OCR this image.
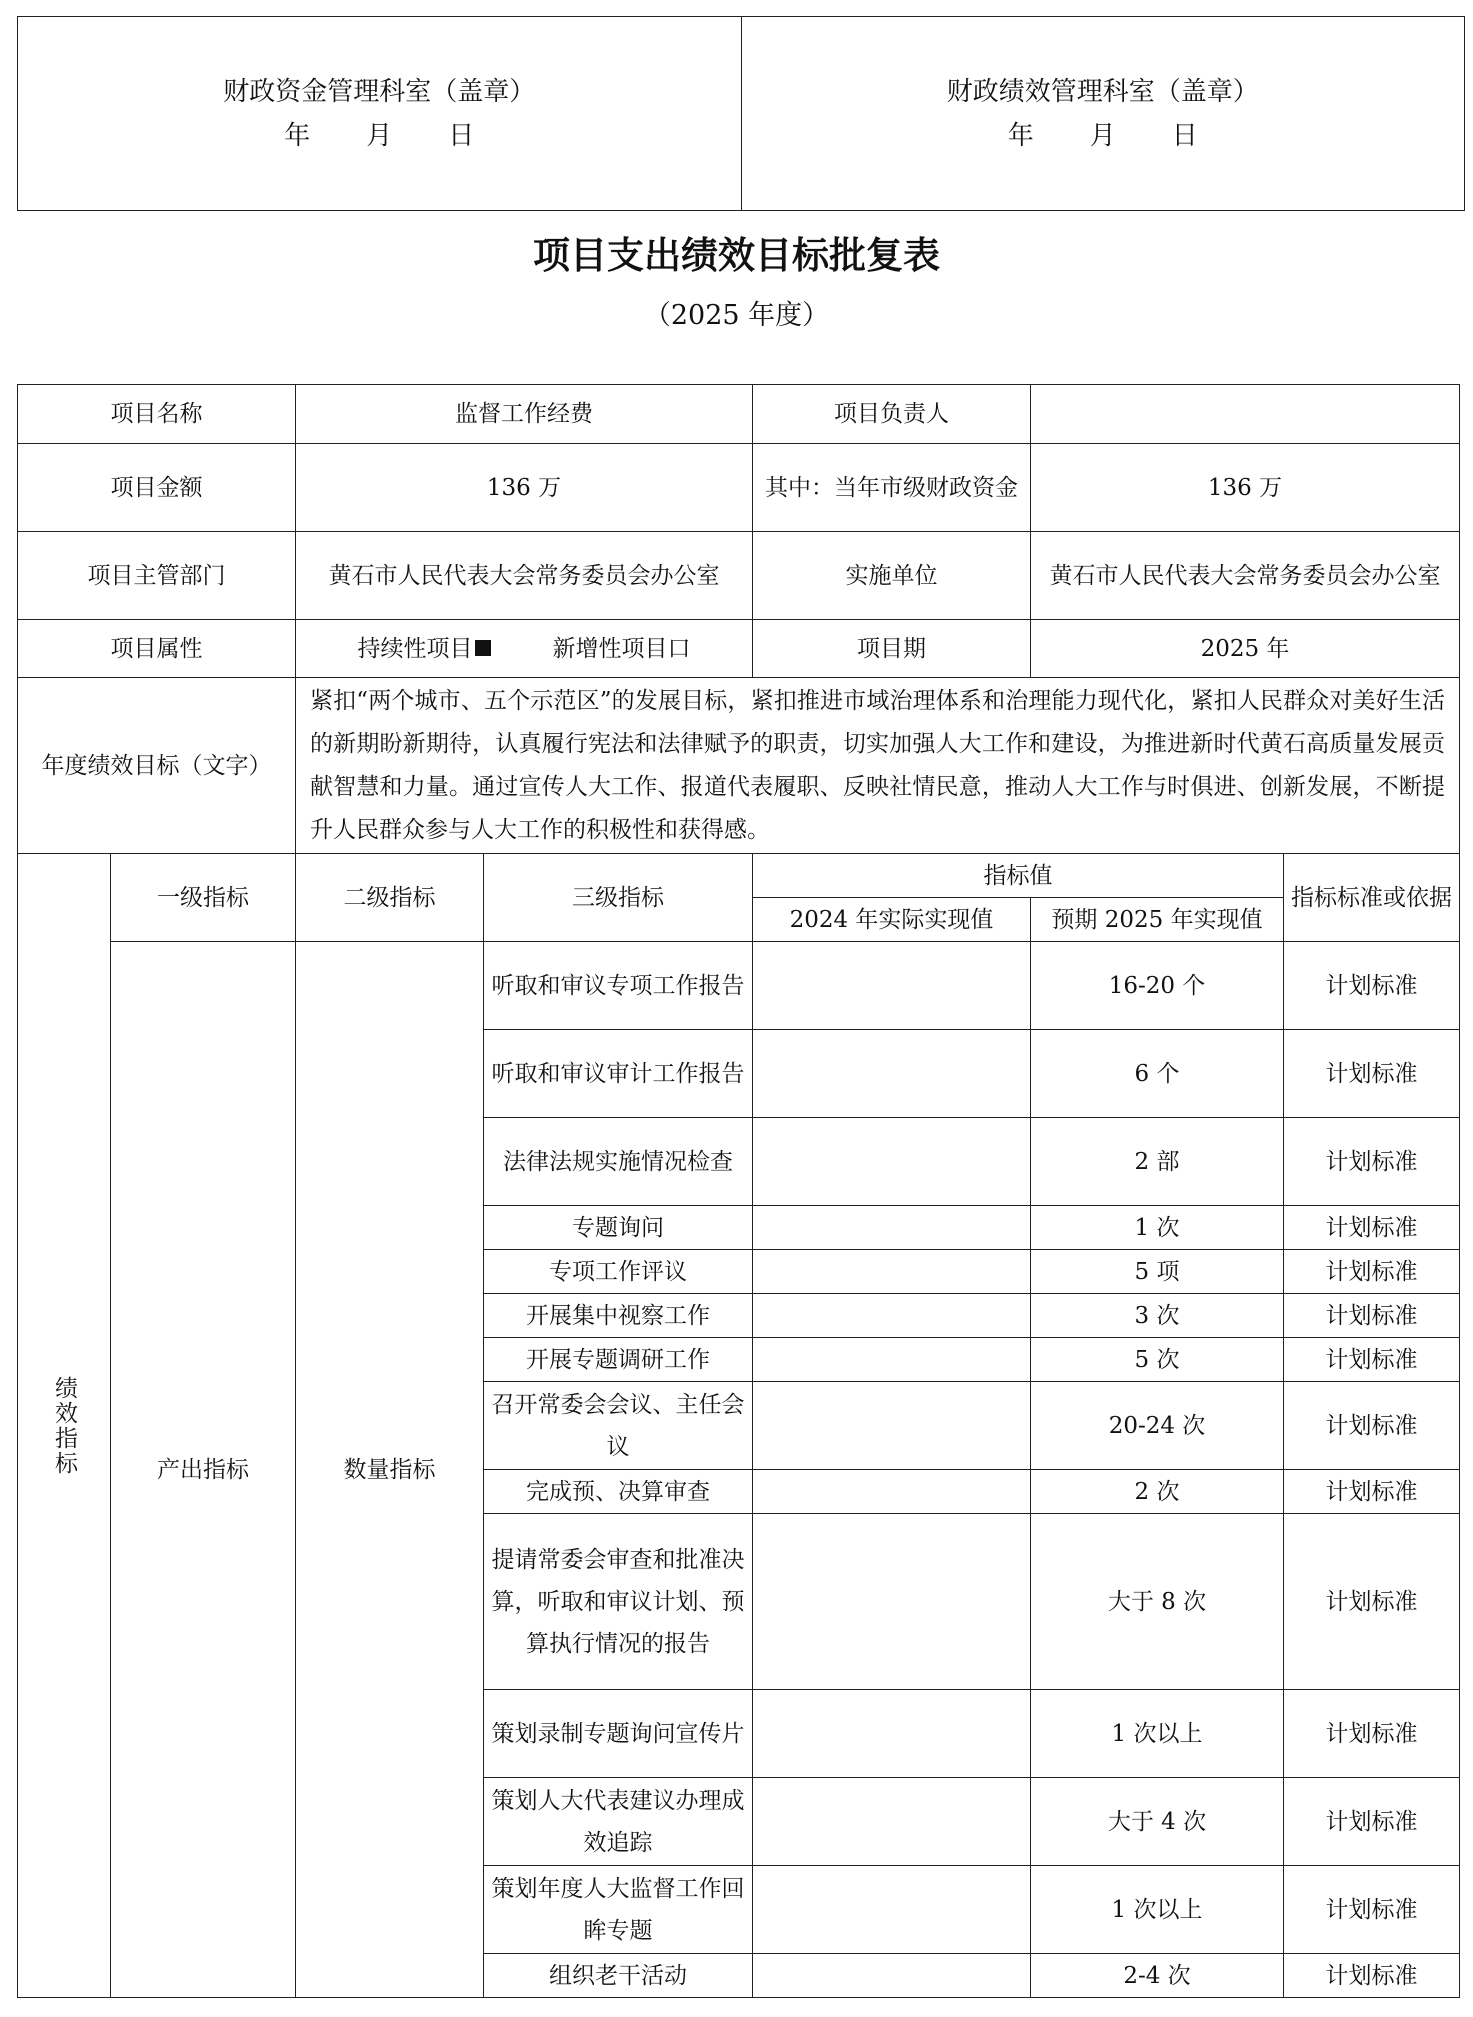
财政资金管理科室（盖章）
年 月 日
财政绩效管理科室（盖章）
年 月 日
项目支出绩效目标批复表
（2025 年度）
项目名称		监督工作经费		项目负责人		
项目金额		136 万		其中：当年市级财政资金	136 万	
项目主管部门		黄石市人民代表大会常务委员会办公室		实施单位	黄石市人民代表大会常务委员会办公室	
项目属性		持续性项目 新增性项目口		项目期	2025 年	
年度绩效目标（文字）		紧扣“两个城市、五个示范区”的发展目标，紧扣推进市域治理体系和治理能力现代化，紧扣人民群众对美好生活的新期盼新期待，认真履行宪法和法律赋予的职责，切实加强人大工作和建设，为推进新时代黄石高质量发展贡献智慧和力量。通过宣传人大工作、报道代表履职、反映社情民意，推动人大工作与时俱进、创新发展，不断提升人民群众参与人大工作的积极性和获得感。				

绩效指标	一级指标	二级指标	三级指标	指标值		指标标准或依据
				2024 年实际实现值	预期 2025 年实现值	
	产出指标	数量指标	听取和审议专项工作报告		16-20 个	计划标准
			听取和审议审计工作报告		6 个	计划标准
			法律法规实施情况检查		2 部	计划标准
			专题询问		1 次	计划标准
			专项工作评议		5 项	计划标准
			开展集中视察工作		3 次	计划标准
			开展专题调研工作		5 次	计划标准
			召开常委会会议、主任会议		20-24 次	计划标准
			完成预、决算审查		2 次	计划标准
			提请常委会审查和批准决算，听取和审议计划、预算执行情况的报告		大于 8 次	计划标准
			策划录制专题询问宣传片		1 次以上	计划标准
			策划人大代表建议办理成效追踪		大于 4 次	计划标准
			策划年度人大监督工作回眸专题		1 次以上	计划标准
			组织老干活动		2-4 次	计划标准
